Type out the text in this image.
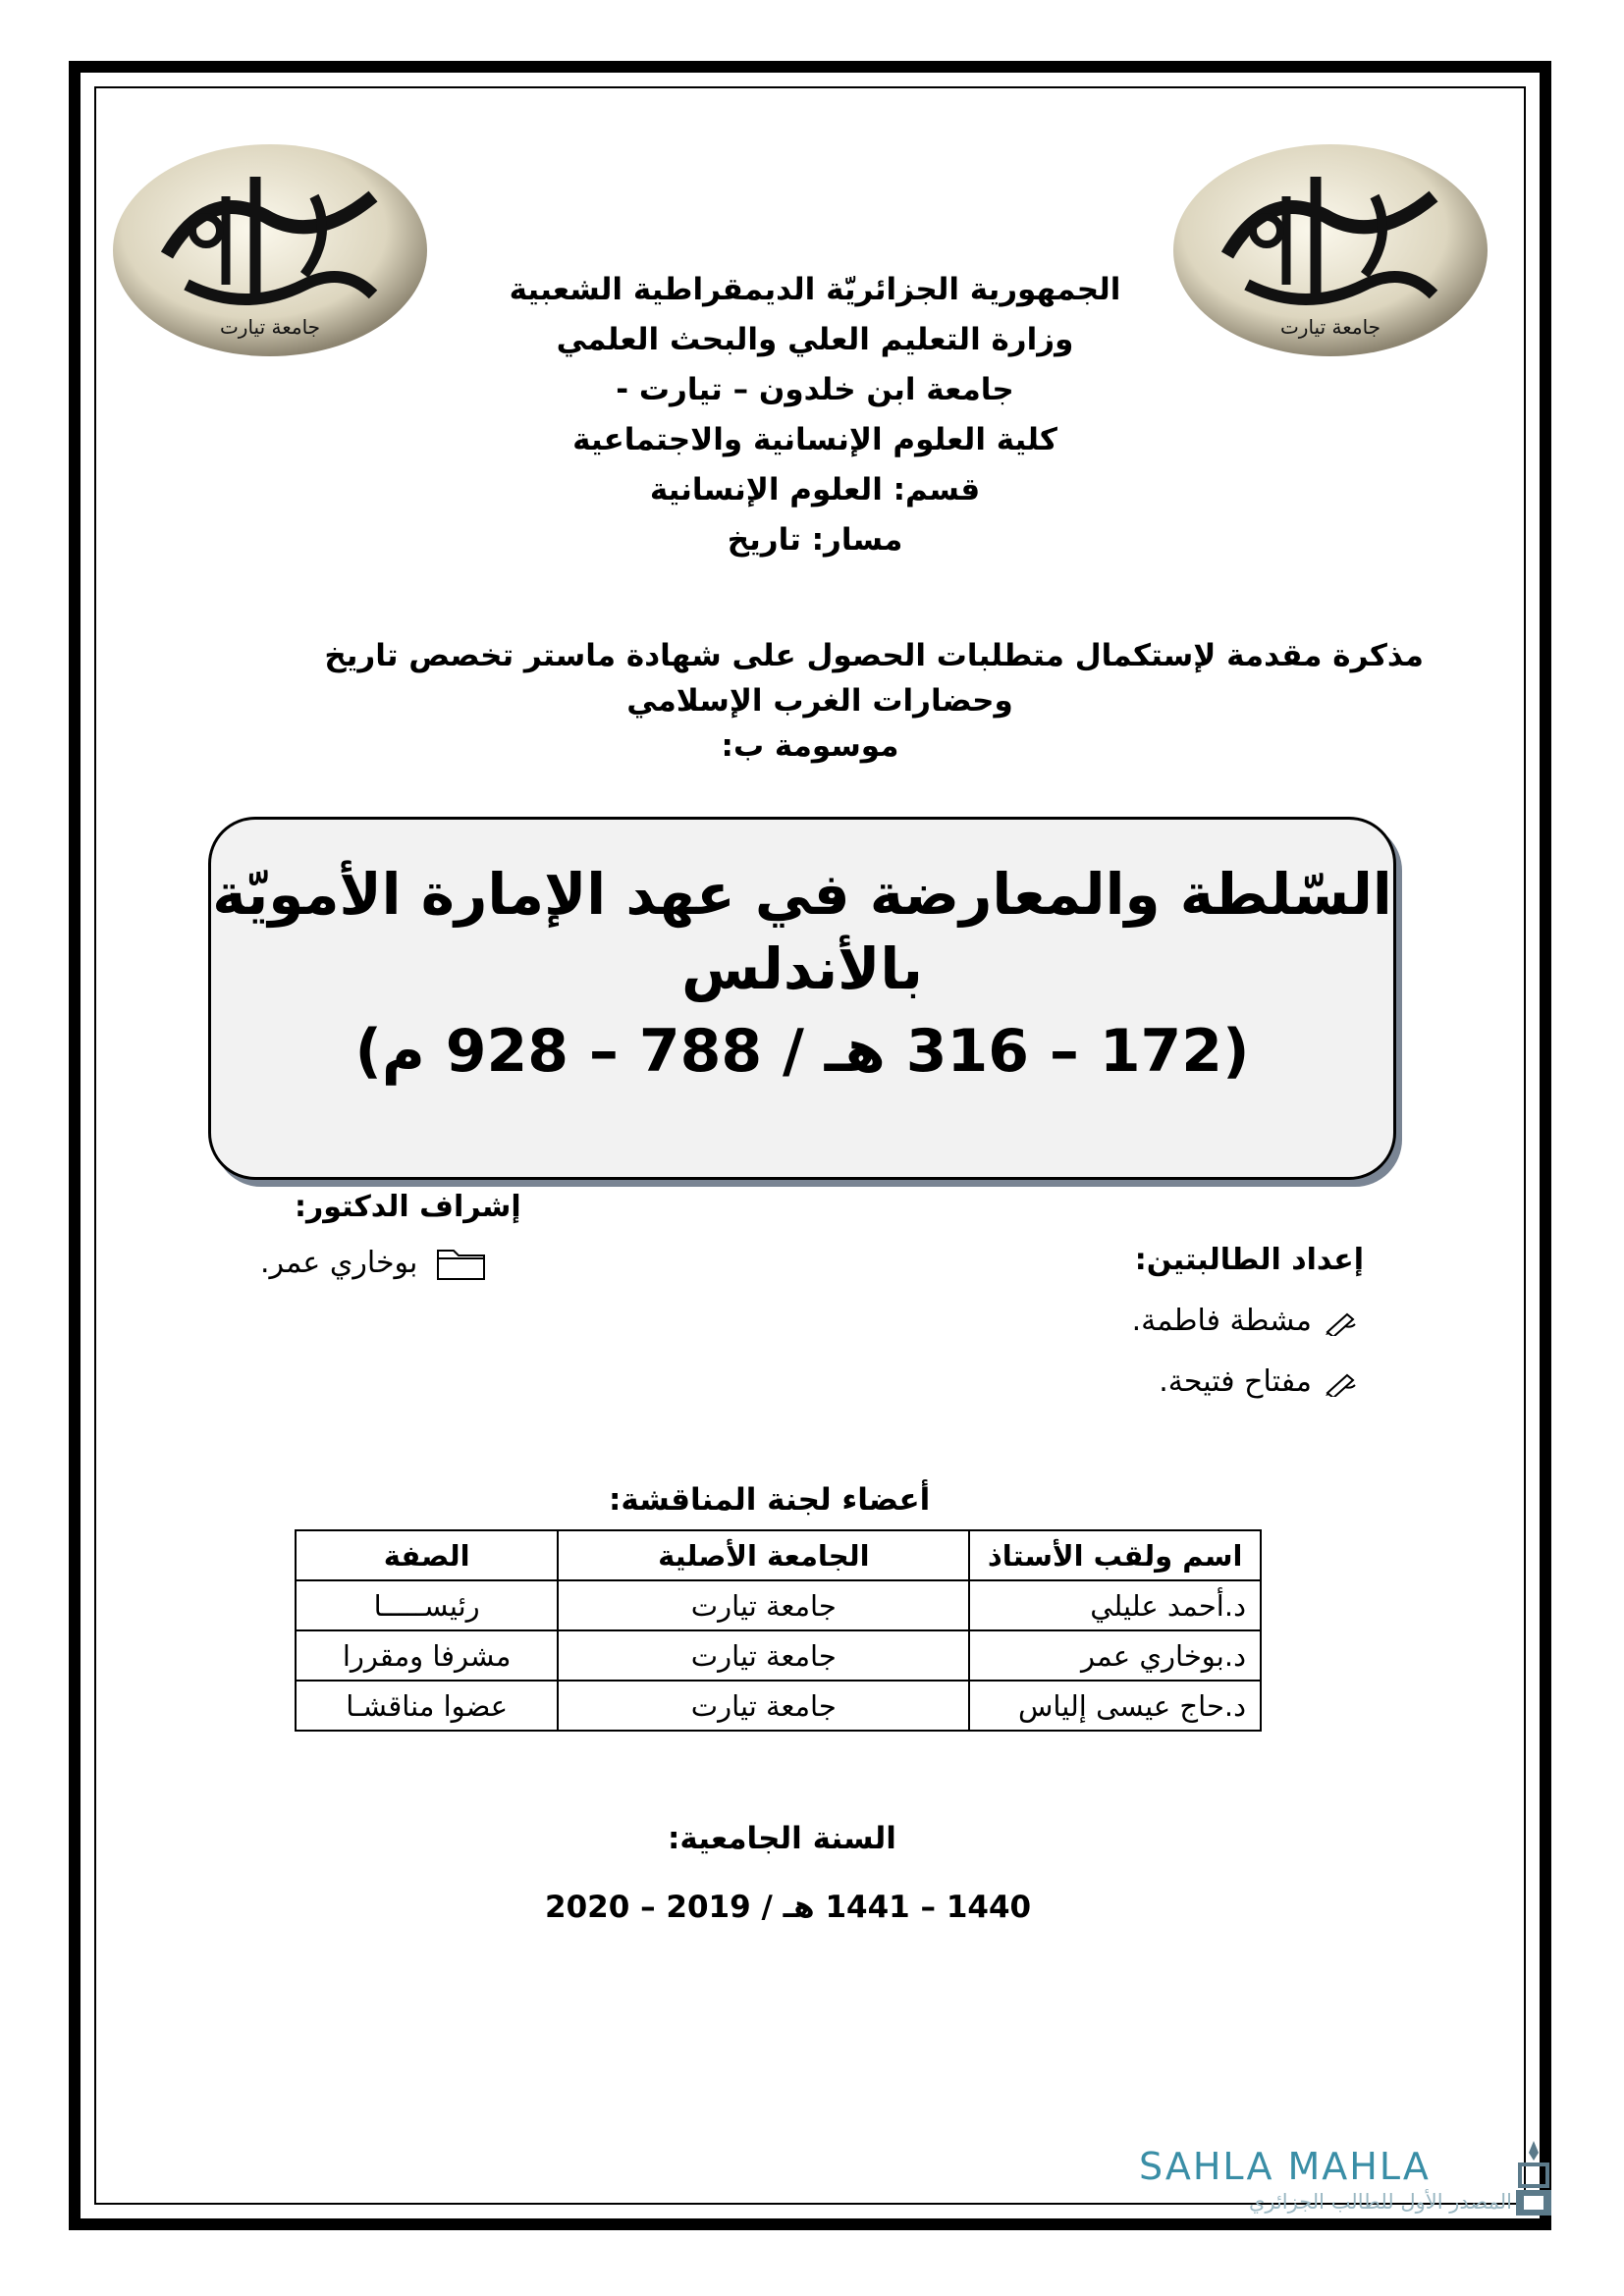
جامعة تيارت
جامعة تيارت
الجمهورية الجزائريّة الديمقراطية الشعبية
وزارة التعليم العلي والبحث العلمي
جامعة ابن خلدون – تيارت -
كلية العلوم الإنسانية والاجتماعية
قسم: العلوم الإنسانية
مسار: تاريخ
مذكرة مقدمة لإستكمال متطلبات الحصول على شهادة ماستر تخصص تاريخ
وحضارات الغرب الإسلامي
موسومة ب:
السّلطة والمعارضة في عهد الإمارة الأمويّة
بالأندلس
(172 – 316 هـ / 788 – 928 م)
إشراف الدكتور:
بوخاري عمر.	إعداد الطالبتين:
مشطة فاطمة.
مفتاح فتيحة.
أعضاء لجنة المناقشة:
اسم ولقب الأستاذ	الجامعة الأصلية	الصفة
د.أحمد عليلي	جامعة تيارت	رئيســـــا
د.بوخاري عمر	جامعة تيارت	مشرفا ومقررا
د.حاج عيسى إلياس	جامعة تيارت	عضوا مناقشـا
السنة الجامعية:
1440 – 1441 هـ / 2019 – 2020
SAHLA MAHLA
المصدر الأول للطالب الجزائري
